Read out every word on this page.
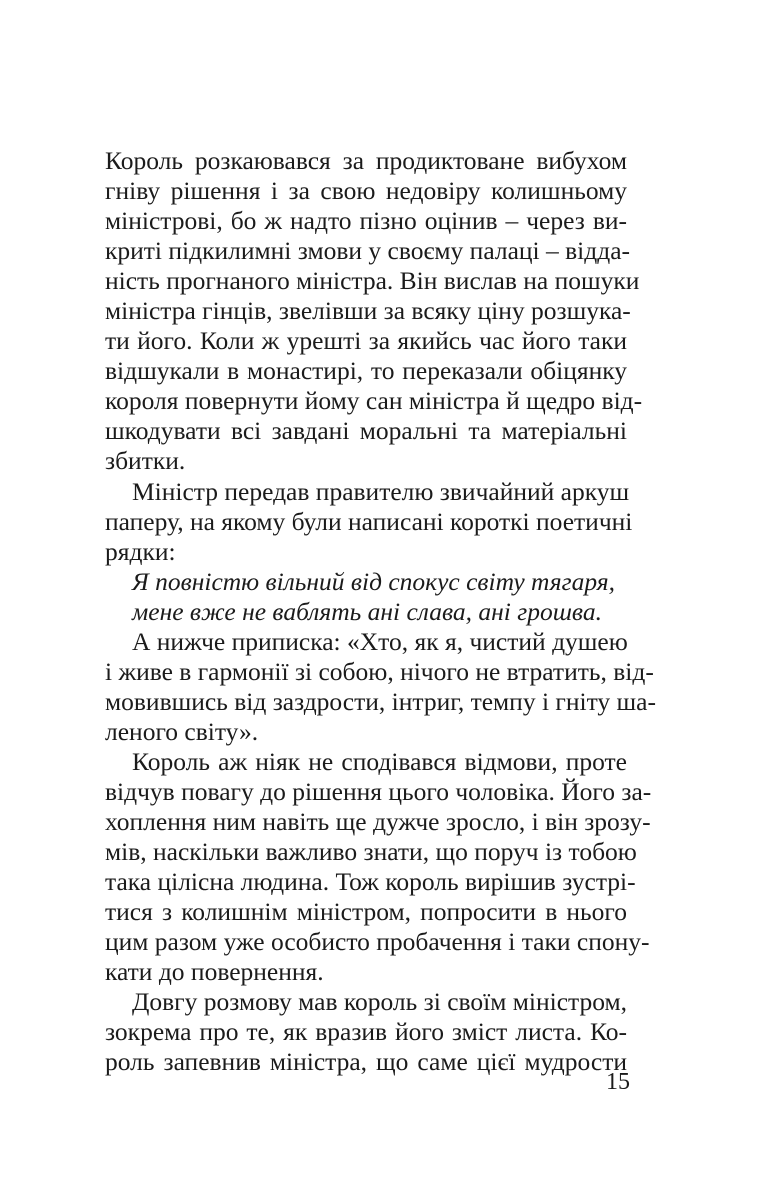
Король розкаювався за продиктоване вибухом
гніву рішення і за свою недовіру колишньому
міністрові, бо ж надто пізно оцінив – через ви-
криті підкилимні змови у своєму палаці – відда-
ність прогнаного міністра. Він вислав на пошуки
міністра гінців, звелівши за всяку ціну розшука-
ти його. Коли ж урешті за якийсь час його таки
відшукали в монастирі, то переказали обіцянку
короля повернути йому сан міністра й щедро від-
шкодувати всі завдані моральні та матеріальні
збитки.
Міністр передав правителю звичайний аркуш
паперу, на якому були написані короткі поетичні
рядки:
Я повністю вільний від спокус світу тягаря,
мене вже не ваблять ані слава, ані грошва.
А нижче приписка: «Хто, як я, чистий душею
і живе в гармонії зі собою, нічого не втратить, від-
мовившись від заздрости, інтриг, темпу і гніту ша-
леного світу».
Король аж ніяк не сподівався відмови, проте
відчув повагу до рішення цього чоловіка. Його за-
хоплення ним навіть ще дужче зросло, і він зрозу-
мів, наскільки важливо знати, що поруч із тобою
така цілісна людина. Тож король вирішив зустрі-
тися з колишнім міністром, попросити в нього
цим разом уже особисто пробачення і таки спону-
кати до повернення.
Довгу розмову мав король зі своїм міністром,
зокрема про те, як вразив його зміст листа. Ко-
роль запевнив міністра, що саме цієї мудрости
15
